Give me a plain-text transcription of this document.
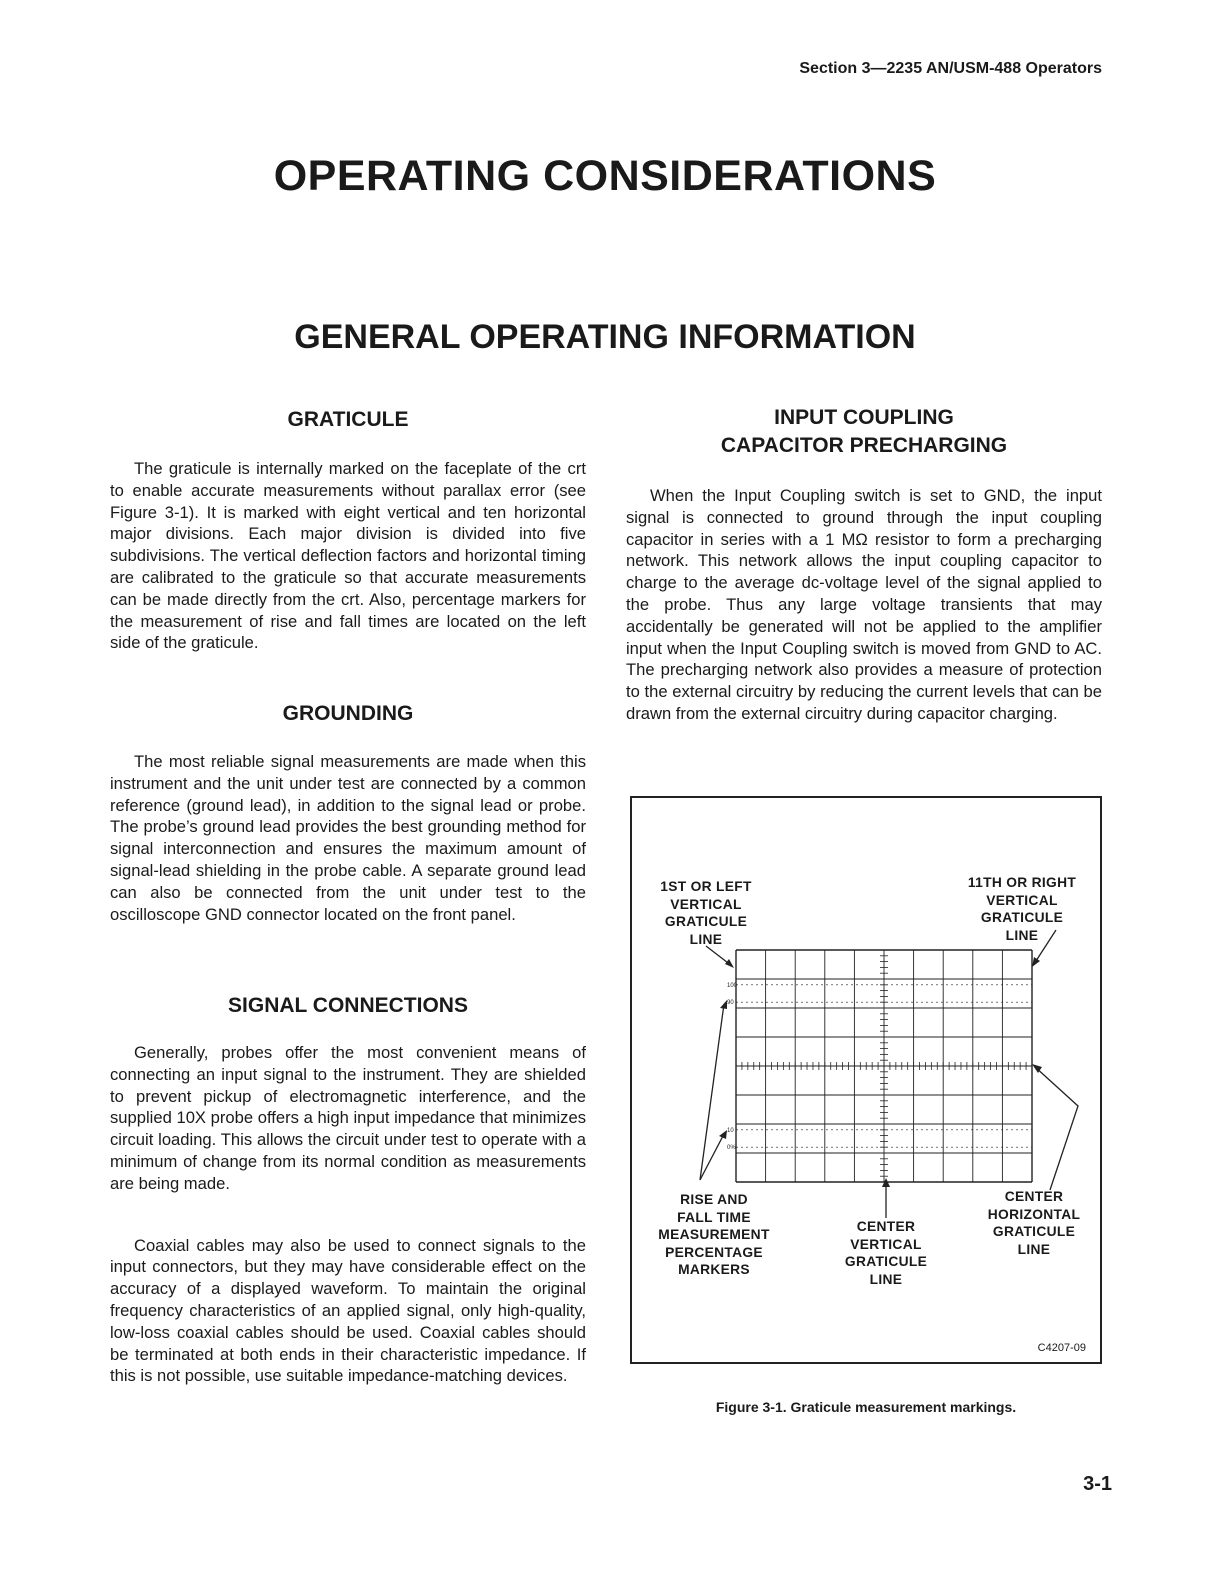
Section 3—2235 AN/USM-488 Operators
OPERATING CONSIDERATIONS
GENERAL OPERATING INFORMATION
GRATICULE

The graticule is internally marked on the faceplate of the crt to enable accurate measurements without parallax error (see Figure 3-1). It is marked with eight vertical and ten horizontal major divisions. Each major division is divided into five subdivisions. The vertical deflection factors and horizontal timing are calibrated to the graticule so that accurate measurements can be made directly from the crt. Also, percentage markers for the measurement of rise and fall times are located on the left side of the graticule.

GROUNDING

The most reliable signal measurements are made when this instrument and the unit under test are connected by a common reference (ground lead), in addition to the signal lead or probe. The probe’s ground lead provides the best grounding method for signal interconnection and ensures the maximum amount of signal-lead shielding in the probe cable. A separate ground lead can also be connected from the unit under test to the oscilloscope GND connector located on the front panel.

SIGNAL CONNECTIONS

Generally, probes offer the most convenient means of connecting an input signal to the instrument. They are shielded to prevent pickup of electromagnetic interference, and the supplied 10X probe offers a high input impedance that minimizes circuit loading. This allows the circuit under test to operate with a minimum of change from its normal condition as measurements are being made.

Coaxial cables may also be used to connect signals to the input connectors, but they may have considerable effect on the accuracy of a displayed waveform. To maintain the original frequency characteristics of an applied signal, only high-quality, low-loss coaxial cables should be used. Coaxial cables should be terminated at both ends in their characteristic impedance. If this is not possible, use suitable impedance-matching devices.

INPUT COUPLING
CAPACITOR PRECHARGING

When the Input Coupling switch is set to GND, the input signal is connected to ground through the input coupling capacitor in series with a 1 MΩ resistor to form a precharging network. This network allows the input coupling capacitor to charge to the average dc-voltage level of the signal applied to the probe. Thus any large voltage transients that may accidentally be generated will not be applied to the amplifier input when the Input Coupling switch is moved from GND to AC. The precharging network also provides a measure of protection to the external circuitry by reducing the current levels that can be drawn from the external circuitry during capacitor charging.

100
90
10
0%
1ST OR LEFT
VERTICAL
GRATICULE
LINE
11TH OR RIGHT
VERTICAL
GRATICULE
LINE
RISE AND
FALL TIME
MEASUREMENT
PERCENTAGE
MARKERS
CENTER
VERTICAL
GRATICULE
LINE
CENTER
HORIZONTAL
GRATICULE
LINE
C4207-09
Figure 3-1. Graticule measurement markings.
3-1
